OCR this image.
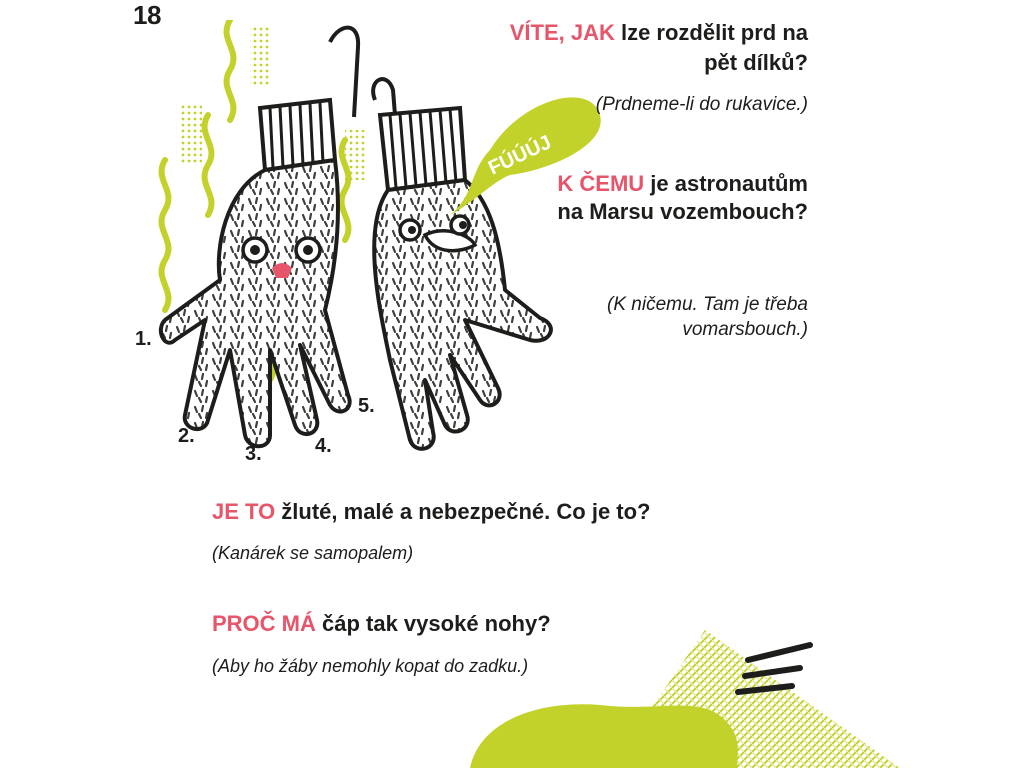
18
FÚÚÚJ
1.
2.
3.	4.
5.
VÍTE, JAK lze rozdělit prd na pět dílků?
(Prdneme-li do rukavice.)
K ČEMU je astronautům na Marsu vozembouch?
(K ničemu. Tam je třeba vomarsbouch.)
JE TO žluté, malé a nebezpečné. Co je to?
(Kanárek se samopalem)
PROČ MÁ čáp tak vysoké nohy?
(Aby ho žáby nemohly kopat do zadku.)
